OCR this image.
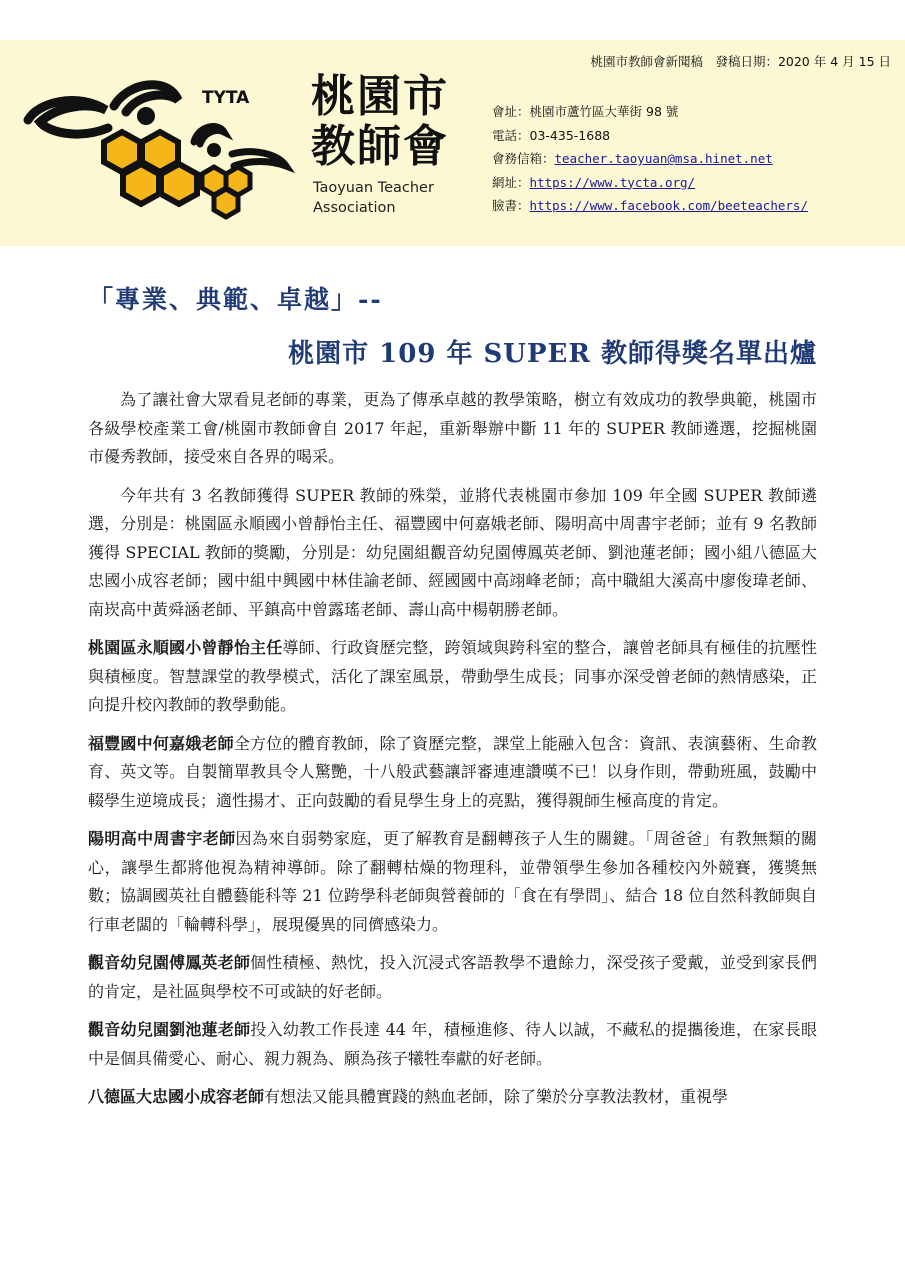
TYTA 桃園市
教師會
Taoyuan Teacher
Association
桃園市教師會新聞稿　發稿日期：2020 年 4 月 15 日
會址：桃園市蘆竹區大華街 98 號
電話：03-435-1688
會務信箱：teacher.taoyuan@msa.hinet.net
網址：https://www.tycta.org/
臉書：https://www.facebook.com/beeteachers/
「專業、典範、卓越」--
桃園市 109 年 SUPER 教師得獎名單出爐

為了讓社會大眾看見老師的專業，更為了傳承卓越的教學策略，樹立有效成功的教學典範，桃園市各級學校產業工會/桃園市教師會自 2017 年起，重新舉辦中斷 11 年的 SUPER 教師遴選，挖掘桃園市優秀教師，接受來自各界的喝采。

今年共有 3 名教師獲得 SUPER 教師的殊榮，並將代表桃園市參加 109 年全國 SUPER 教師遴選，分別是：桃園區永順國小曾靜怡主任、福豐國中何嘉娥老師、陽明高中周書宇老師；並有 9 名教師獲得 SPECIAL 教師的獎勵，分別是：幼兒園組觀音幼兒園傅鳳英老師、劉池蓮老師；國小組八德區大忠國小成容老師；國中組中興國中林佳諭老師、經國國中高翊峰老師；高中職組大溪高中廖俊瑋老師、南崁高中黃舜涵老師、平鎮高中曾露瑤老師、壽山高中楊朝勝老師。

桃園區永順國小曾靜怡主任導師、行政資歷完整，跨領域與跨科室的整合，讓曾老師具有極佳的抗壓性與積極度。智慧課堂的教學模式，活化了課室風景，帶動學生成長；同事亦深受曾老師的熱情感染，正向提升校內教師的教學動能。

福豐國中何嘉娥老師全方位的體育教師，除了資歷完整，課堂上能融入包含：資訊、表演藝術、生命教育、英文等。自製簡單教具令人驚艷，十八般武藝讓評審連連讚嘆不已！以身作則，帶動班風，鼓勵中輟學生逆境成長；適性揚才、正向鼓勵的看見學生身上的亮點，獲得親師生極高度的肯定。

陽明高中周書宇老師因為來自弱勢家庭，更了解教育是翻轉孩子人生的關鍵。「周爸爸」有教無類的關心，讓學生都將他視為精神導師。除了翻轉枯燥的物理科，並帶領學生參加各種校內外競賽，獲獎無數；協調國英社自體藝能科等 21 位跨學科老師與營養師的「食在有學問」、結合 18 位自然科教師與自行車老闆的「輪轉科學」，展現優異的同儕感染力。

觀音幼兒園傅鳳英老師個性積極、熱忱，投入沉浸式客語教學不遺餘力，深受孩子愛戴，並受到家長們的肯定，是社區與學校不可或缺的好老師。

觀音幼兒園劉池蓮老師投入幼教工作長達 44 年，積極進修、待人以誠，不藏私的提攜後進，在家長眼中是個具備愛心、耐心、親力親為、願為孩子犧牲奉獻的好老師。

八德區大忠國小成容老師有想法又能具體實踐的熱血老師，除了樂於分享教法教材，重視學
